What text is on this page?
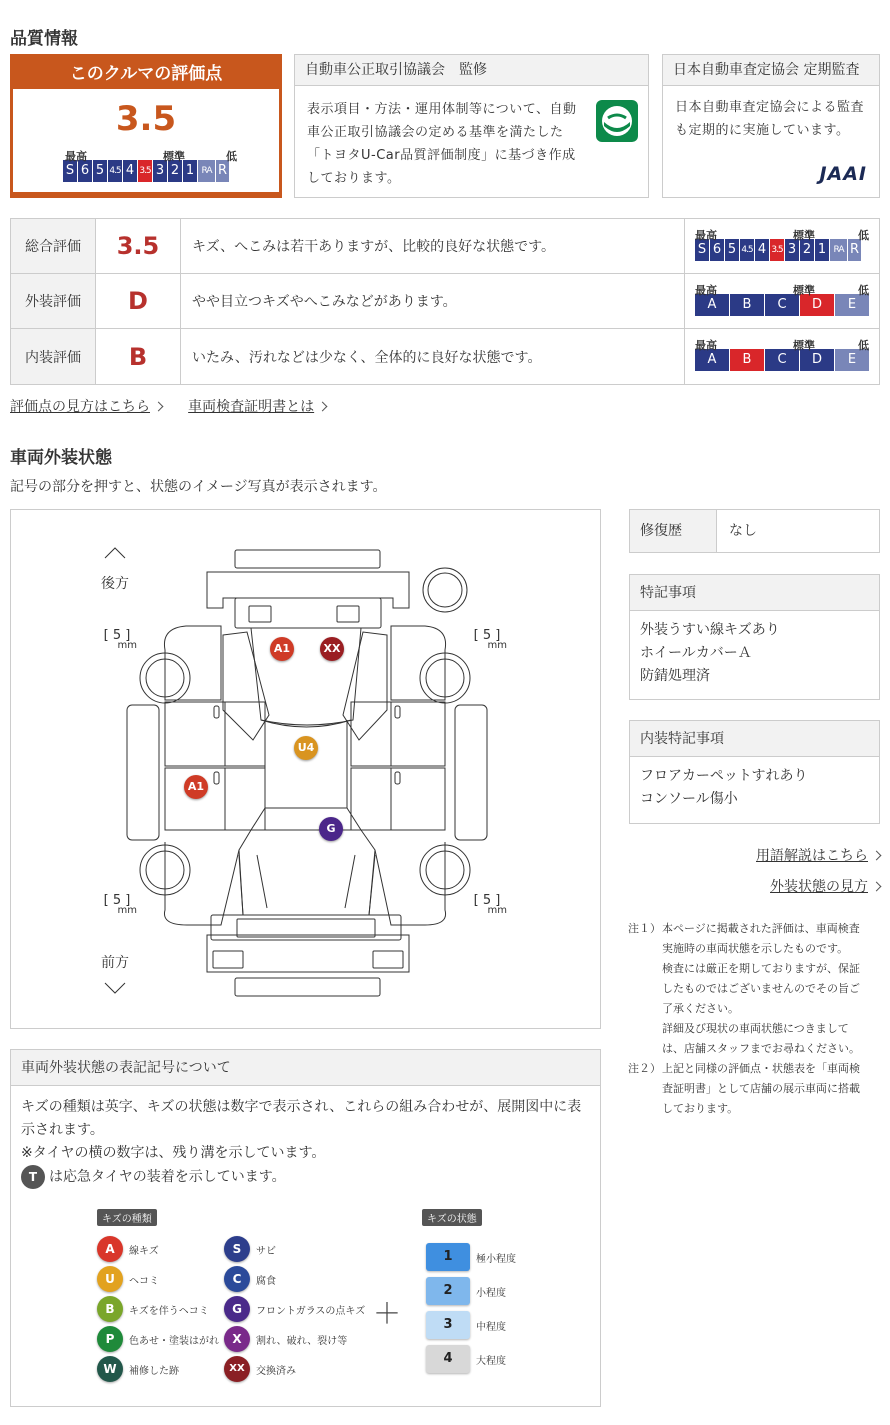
品質情報
このクルマの評価点
3.5
最高	標準	低
S 6 5 4.5 4 3.5 3 2 1 RA R
自動車公正取引協議会　監修
表示項目・方法・運用体制等について、自動車公正取引協議会の定める基準を満たした「トヨタU-Car品質評価制度」に基づき作成しております。
日本自動車査定協会 定期監査
日本自動車査定協会による監査も定期的に実施しています。
JAAI
総合評価	3.5	キズ、へこみは若干ありますが、比較的良好な状態です。
最高	標準	低
S 6 5 4.5 4 3.5 3 2 1 RA R
外装評価	D	やや目立つキズやへこみなどがあります。
最高	標準	低
A	B	C	D	E
内装評価	B	いたみ、汚れなどは少なく、全体的に良好な状態です。
最高	標準	低
A	B	C	D	E
評価点の見方はこちら	車両検査証明書とは
車両外装状態
記号の部分を押すと、状態のイメージ写真が表示されます。
後方
前方
[ 5 ]
mm
[ 5 ]
mm
[ 5 ]
mm
[ 5 ]
mm
A1	XX
U4
A1
G
修復歴	なし
特記事項
外装うすい線キズあり
ホイールカバーＡ
防錆処理済
内装特記事項
フロアカーペットすれあり
コンソール傷小
用語解説はこちら
外装状態の見方
注１） 本ページに掲載された評価は、車両検査
実施時の車両状態を示したものです。
検査には厳正を期しておりますが、保証
したものではございませんのでその旨ご
了承ください。
詳細及び現状の車両状態につきまして
は、店舗スタッフまでお尋ねください。
注２） 上記と同様の評価点・状態表を「車両検
査証明書」として店舗の展示車両に搭載
しております。
車両外装状態の表記記号について
キズの種類は英字、キズの状態は数字で表示され、これらの組み合わせが、展開図中に表示されます。
※タイヤの横の数字は、残り溝を示しています。
T は応急タイヤの装着を示しています。
キズの種類
A	線キズ
U	ヘコミ
B	キズを伴うヘコミ
P	色あせ・塗装はがれ
W	補修した跡
S	サビ
C	腐食
G	フロントガラスの点キズ
X	割れ、破れ、裂け等
XX	交換済み
＋
キズの状態
1	極小程度
2	小程度
3	中程度
4	大程度
